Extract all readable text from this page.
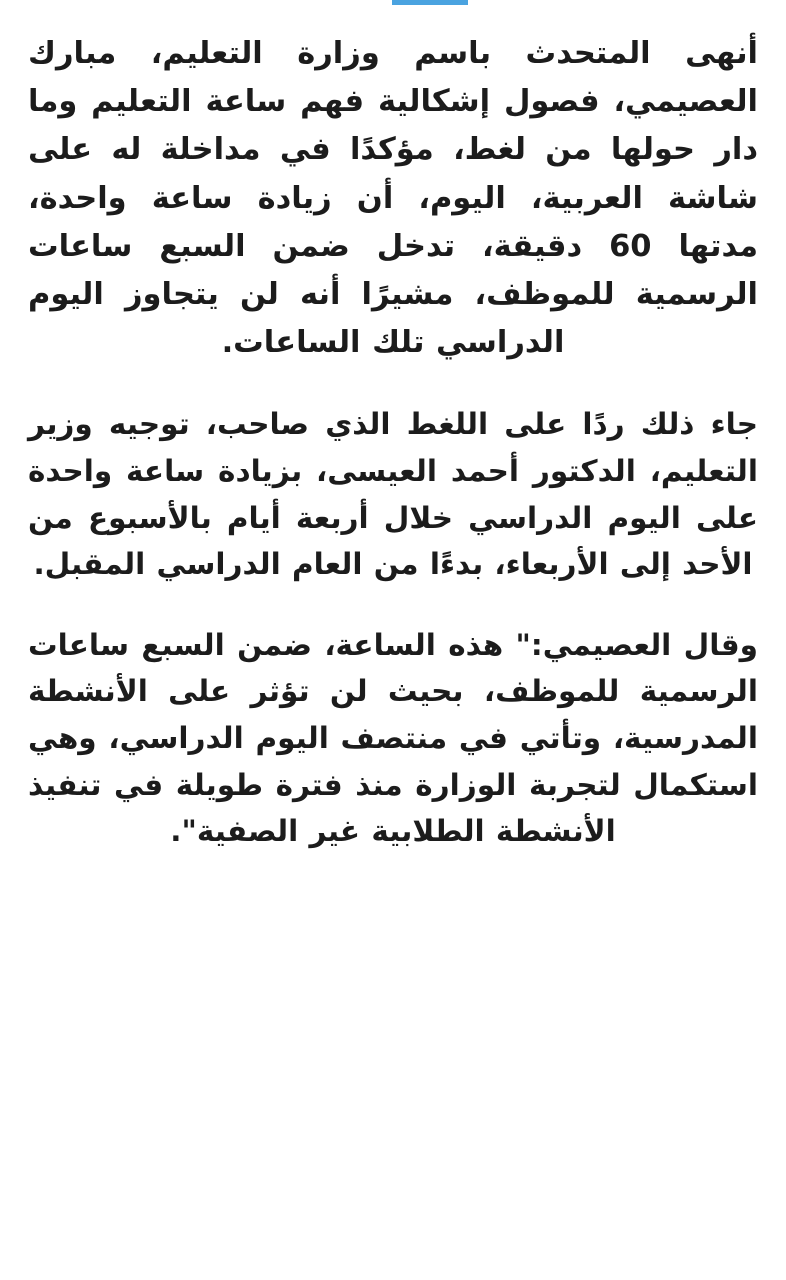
أنهى المتحدث باسم وزارة التعليم، مبارك العصيمي، فصول إشكالية فهم ساعة التعليم وما دار حولها من لغط، مؤكدًا في مداخلة له على شاشة العربية، اليوم، أن زيادة ساعة واحدة، مدتها 60 دقيقة، تدخل ضمن السبع ساعات الرسمية للموظف، مشيرًا أنه لن يتجاوز اليوم الدراسي تلك الساعات.

جاء ذلك ردًا على اللغط الذي صاحب، توجيه وزير التعليم، الدكتور أحمد العيسى، بزيادة ساعة واحدة على اليوم الدراسي خلال أربعة أيام بالأسبوع من الأحد إلى الأربعاء، بدءًا من العام الدراسي المقبل.

وقال العصيمي:" هذه الساعة، ضمن السبع ساعات الرسمية للموظف، بحيث لن تؤثر على الأنشطة المدرسية، وتأتي في منتصف اليوم الدراسي، وهي استكمال لتجربة الوزارة منذ فترة طويلة في تنفيذ الأنشطة الطلابية غير الصفية".
